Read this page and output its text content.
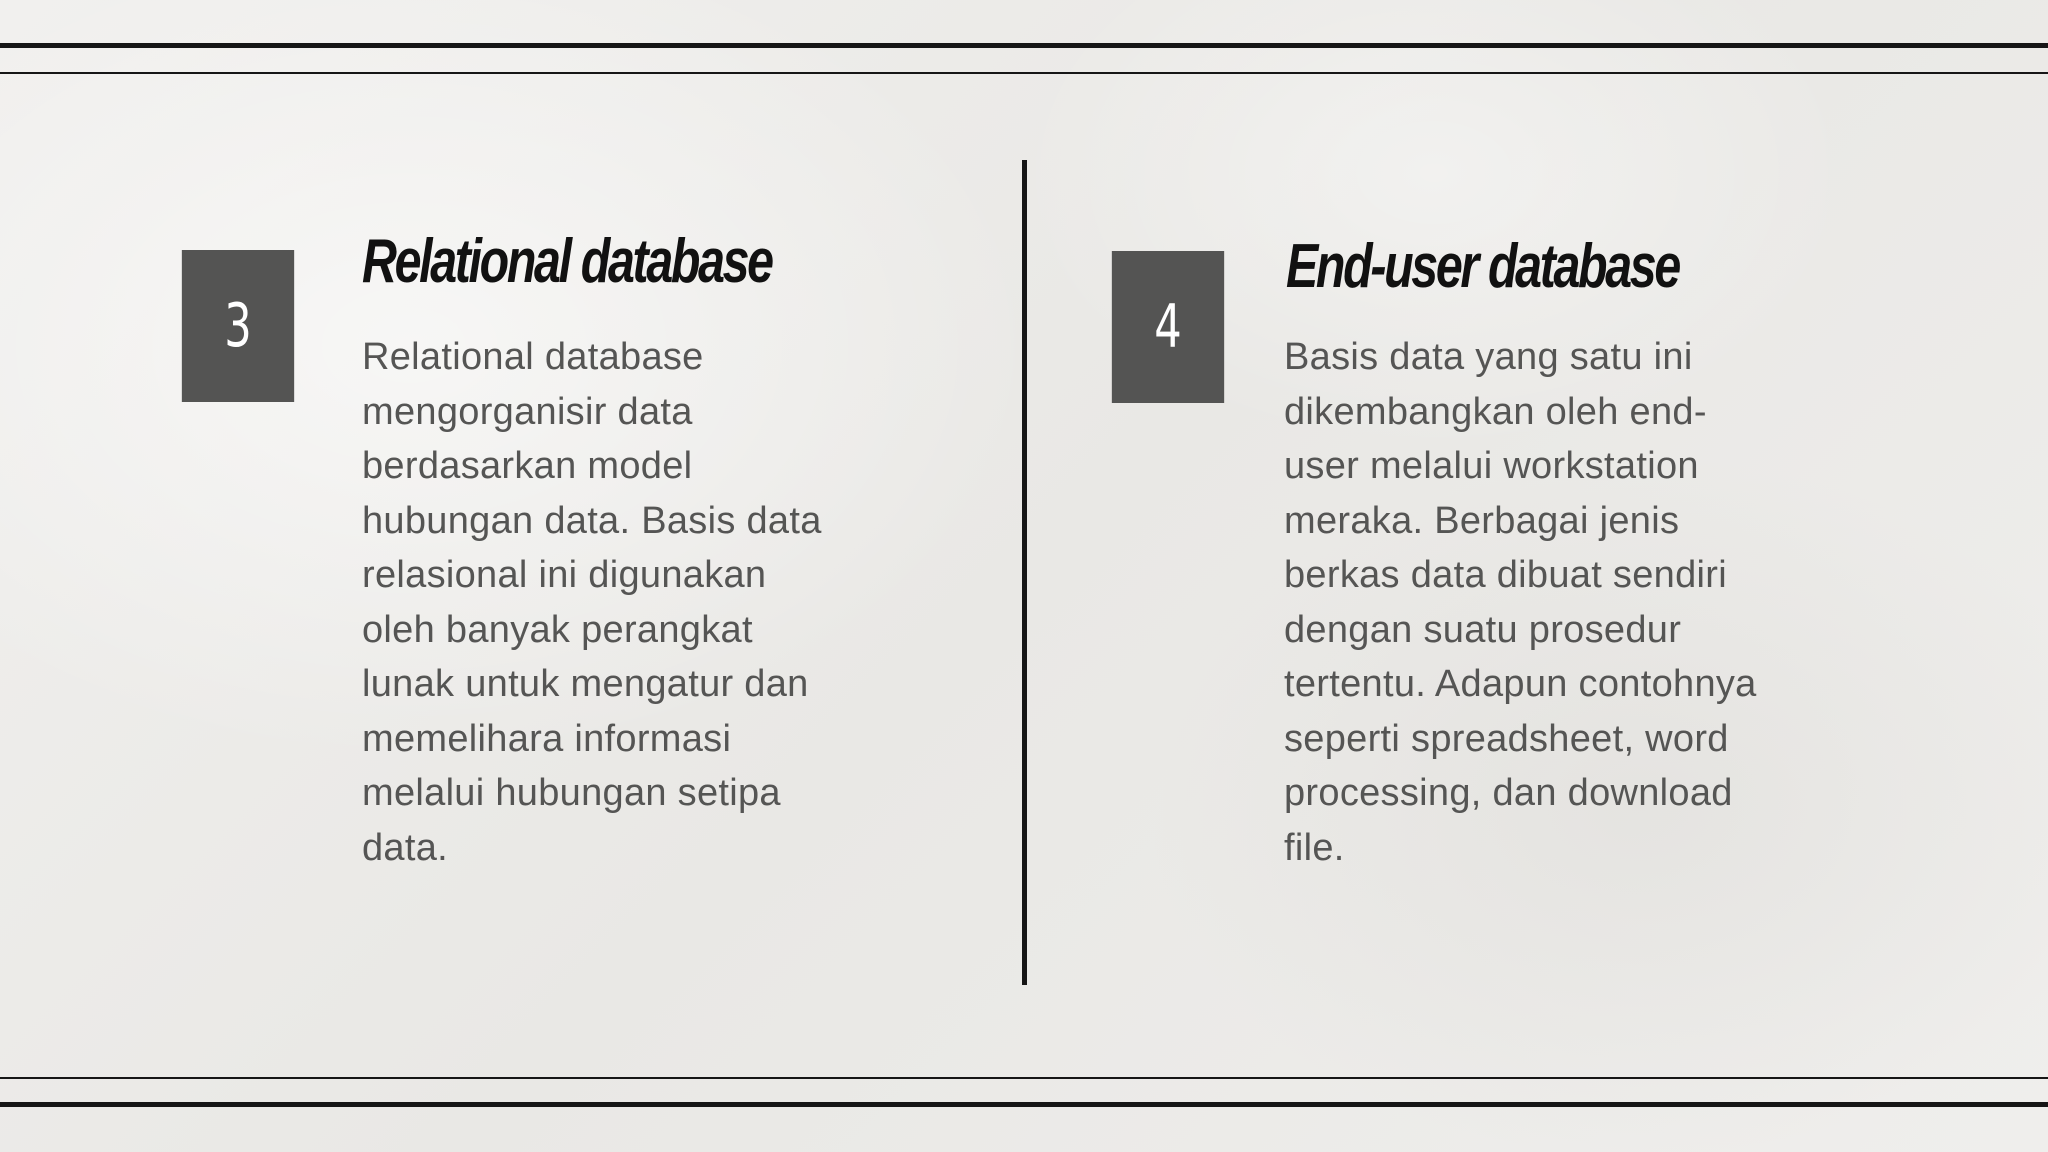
3
Relational database

Relational database
mengorganisir data
berdasarkan model
hubungan data. Basis data
relasional ini digunakan
oleh banyak perangkat
lunak untuk mengatur dan
memelihara informasi
melalui hubungan setipa
data.

4
End-user database

Basis data yang satu ini
dikembangkan oleh end-
user melalui workstation
meraka. Berbagai jenis
berkas data dibuat sendiri
dengan suatu prosedur
tertentu. Adapun contohnya
seperti spreadsheet, word
processing, dan download
file.
